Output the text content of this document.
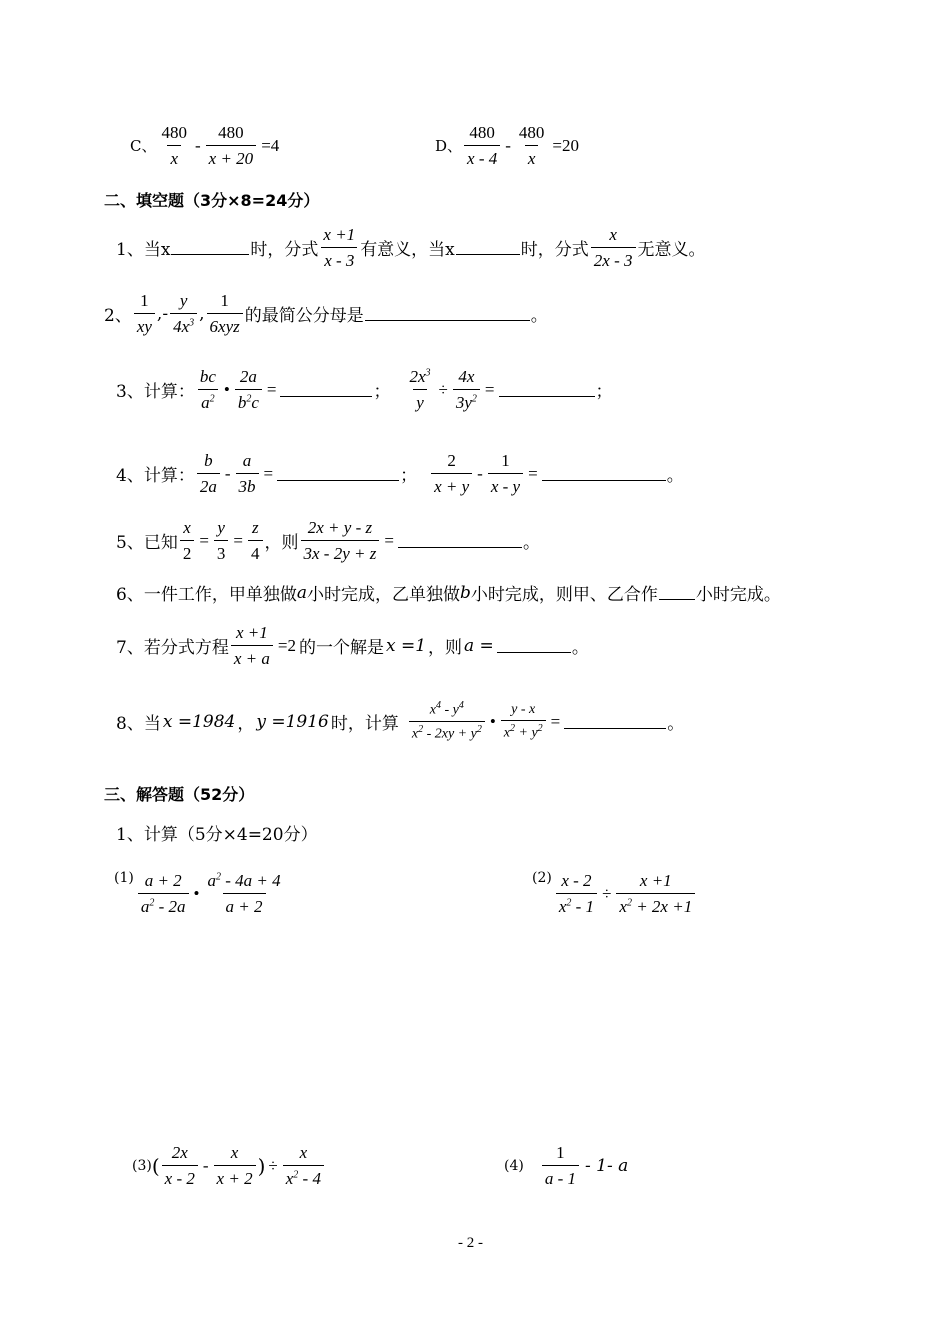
C、 $\frac{480}{x} - \frac{480}{x + 20} =4$	D、 $\frac{480}{x - 4} - \frac{480}{x} =20$
二、填空题（3分×8=24分）
1、当x	时，分式 $\frac{x +1}{x - 3}$ 有意义，当x	时，分式 $\frac{x}{2x - 3}$ 无意义。
2、 $\frac{1}{xy}$ ,- $\frac{y}{4x^3}$ , $\frac{1}{\text{6xyz}}$ 的最简公分母是	。
3、计算： $\frac{bc}{a^2}$ • $\frac{2a}{b^2c}$ =	； $\frac{2x^3}{y} \div \frac{4x}{3y^2}$ =	；
4、计算： $\frac{b}{2a} - \frac{a}{3b}$ =	； $\frac{2}{x + y} - \frac{1}{x - y}$ =	。
5、已知 $\frac{x}{2} = \frac{y}{3} = \frac{z}{4}$ ，则 $\frac{2x + y - z}{3x - 2y + z}$ =	。
6、一件工作，甲单独做 a 小时完成，乙单独做 b 小时完成，则甲、乙合作 小时完成。
7、若分式方程 $\frac{x +1}{x + a} =2$ 的一个解是 x =1 ，则 a =	。
8、当 x =1984 ， y =1916 时，计算 $\frac{x^4 - y^4}{x^2 - 2xy + y^2}$ • $\frac{y - x}{x^2 + y^2}$ =	。
三、解答题（52分）
1、计算（5分×4=20分）
$(1) \frac{a + 2}{a^2 - 2a}$ • $\frac{a^2 - 4a + 4}{a + 2}$	$(2) \frac{x - 2}{x^2 - 1} \div \frac{x +1}{x^2 + 2x +1}$
(3) ( $\frac{2x}{x - 2} - \frac{x}{x + 2}$ ) ÷ $\frac{x}{x^2 - 4}$	$(4) \frac{1}{a - 1} - 1-$ a
- 2 -
